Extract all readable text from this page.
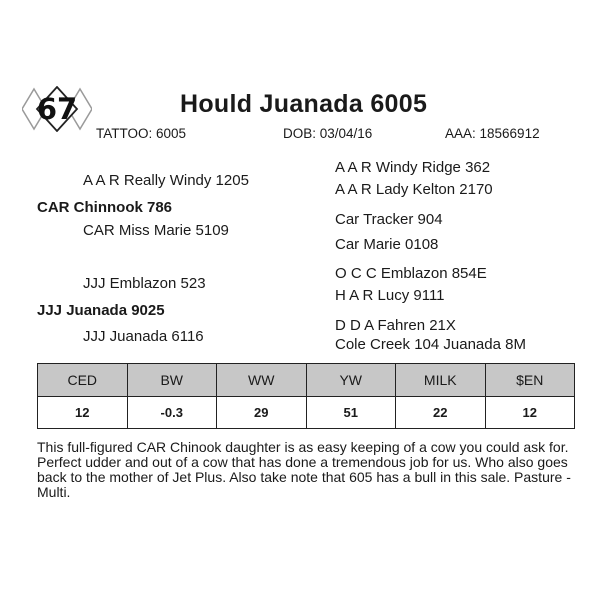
67	Hould Juanada 6005
TATTOO: 6005	DOB: 03/04/16	AAA: 18566912
A A R Windy Ridge 362
A A R Really Windy 1205
A A R Lady Kelton 2170
CAR Chinnook 786
Car Tracker 904
CAR Miss Marie 5109
Car Marie 0108
O C C Emblazon 854E
JJJ Emblazon 523
H A R Lucy 9111
JJJ Juanada 9025
D D A Fahren 21X
JJJ Juanada 6116	Cole Creek 104 Juanada 8M
CED	BW	WW	YW	MILK	$EN
12	-0.3	29	51	22	12
This full-figured CAR Chinook daughter is as easy keeping of a cow you could ask for. Perfect udder and out of a cow that has done a tremendous job for us. Who also goes back to the mother of Jet Plus. Also take note that 605 has a bull in this sale. Pasture - Multi.
